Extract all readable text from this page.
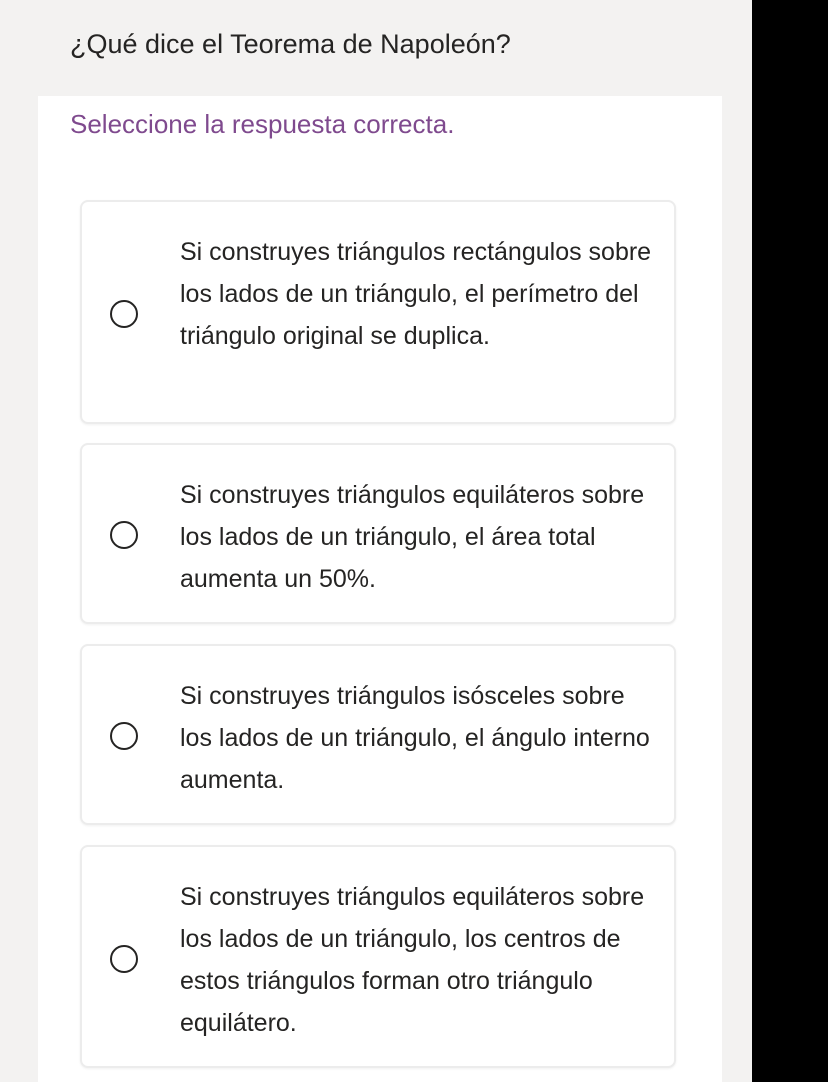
¿Qué dice el Teorema de Napoleón?
Seleccione la respuesta correcta.
Si construyes triángulos rectángulos sobre los lados de un triángulo, el perímetro del triángulo original se duplica.
Si construyes triángulos equiláteros sobre los lados de un triángulo, el área total aumenta un 50%.
Si construyes triángulos isósceles sobre los lados de un triángulo, el ángulo interno aumenta.
Si construyes triángulos equiláteros sobre los lados de un triángulo, los centros de estos triángulos forman otro triángulo equilátero.
